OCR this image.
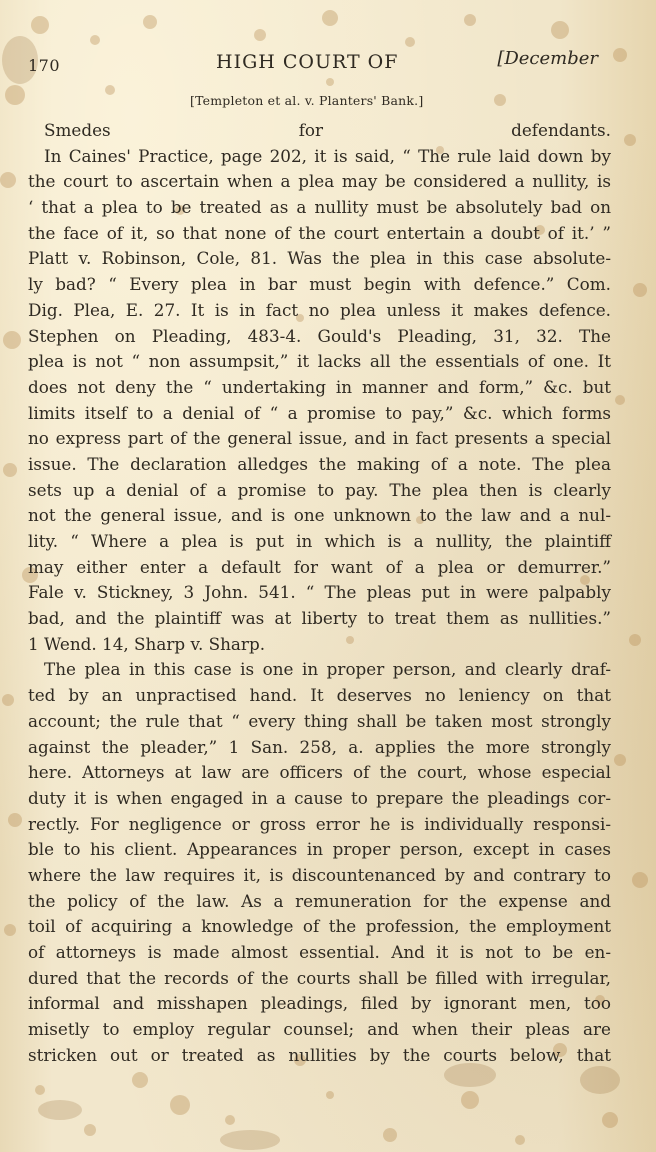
170	HIGH COURT OF	[December
[Templeton et al. v. Planters' Bank.]
Smedes for defendants.
In Caines' Practice, page 202, it is said, “ The rule laid down by
the court to ascertain when a plea may be considered a nullity, is
‘ that a plea to be treated as a nullity must be absolutely bad on
the face of it, so that none of the court entertain a doubt of it.’ ”
Platt v. Robinson, Cole, 81. Was the plea in this case absolute-
ly bad? “ Every plea in bar must begin with defence.” Com.
Dig. Plea, E. 27. It is in fact no plea unless it makes defence.
Stephen on Pleading, 483-4. Gould's Pleading, 31, 32. The
plea is not “ non assumpsit,” it lacks all the essentials of one. It
does not deny the “ undertaking in manner and form,” &c. but
limits itself to a denial of “ a promise to pay,” &c. which forms
no express part of the general issue, and in fact presents a special
issue. The declaration alledges the making of a note. The plea
sets up a denial of a promise to pay. The plea then is clearly
not the general issue, and is one unknown to the law and a nul-
lity. “ Where a plea is put in which is a nullity, the plaintiff
may either enter a default for want of a plea or demurrer.”
Fale v. Stickney, 3 John. 541. “ The pleas put in were palpably
bad, and the plaintiff was at liberty to treat them as nullities.”
1 Wend. 14, Sharp v. Sharp.
The plea in this case is one in proper person, and clearly draf-
ted by an unpractised hand. It deserves no leniency on that
account; the rule that “ every thing shall be taken most strongly
against the pleader,” 1 San. 258, a. applies the more strongly
here. Attorneys at law are officers of the court, whose especial
duty it is when engaged in a cause to prepare the pleadings cor-
rectly. For negligence or gross error he is individually responsi-
ble to his client. Appearances in proper person, except in cases
where the law requires it, is discountenanced by and contrary to
the policy of the law. As a remuneration for the expense and
toil of acquiring a knowledge of the profession, the employment
of attorneys is made almost essential. And it is not to be en-
dured that the records of the courts shall be filled with irregular,
informal and misshapen pleadings, filed by ignorant men, too
misetly to employ regular counsel; and when their pleas are
stricken out or treated as nullities by the courts below, that
